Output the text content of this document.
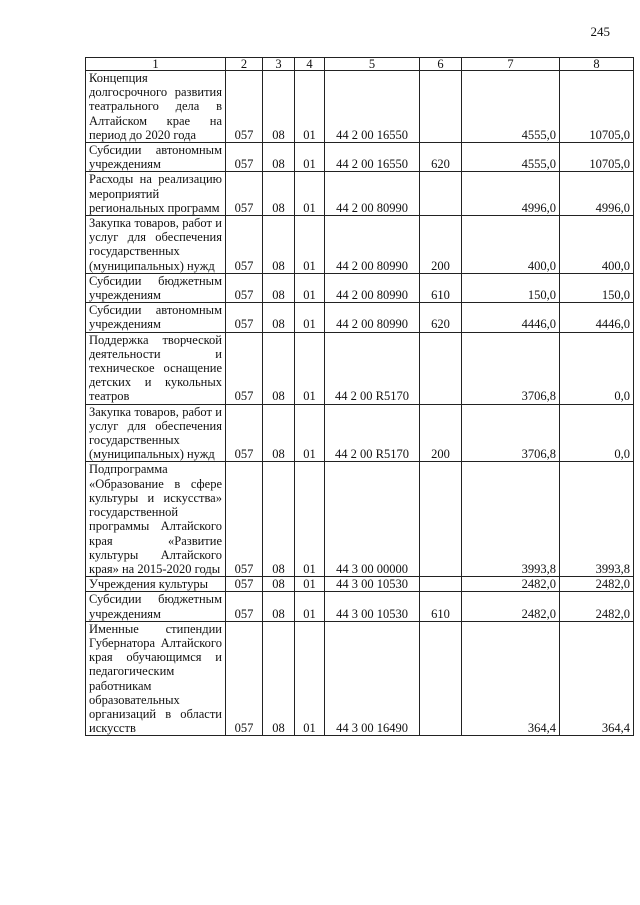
245
1	2	3	4	5	6	7	8
Концепция долгосрочного развития театрального дела в Алтайском крае на период до 2020 года	057	08	01	44 2 00 16550		4555,0	10705,0
Субсидии автономным учреждениям	057	08	01	44 2 00 16550	620	4555,0	10705,0
Расходы на реализацию мероприятий региональных программ	057	08	01	44 2 00 80990		4996,0	4996,0
Закупка товаров, работ и услуг для обеспечения государственных (муниципальных) нужд	057	08	01	44 2 00 80990	200	400,0	400,0
Субсидии бюджетным учреждениям	057	08	01	44 2 00 80990	610	150,0	150,0
Субсидии автономным учреждениям	057	08	01	44 2 00 80990	620	4446,0	4446,0
Поддержка творческой деятельности и техническое оснащение детских и кукольных театров	057	08	01	44 2 00 R5170		3706,8	0,0
Закупка товаров, работ и услуг для обеспечения государственных (муниципальных) нужд	057	08	01	44 2 00 R5170	200	3706,8	0,0
Подпрограмма «Образование в сфере культуры и искусства» государственной программы Алтайского края «Развитие культуры Алтайского края» на 2015-2020 годы	057	08	01	44 3 00 00000		3993,8	3993,8
Учреждения культуры	057	08	01	44 3 00 10530		2482,0	2482,0
Субсидии бюджетным учреждениям	057	08	01	44 3 00 10530	610	2482,0	2482,0
Именные стипендии Губернатора Алтайского края обучающимся и педагогическим работникам образовательных организаций в области искусств	057	08	01	44 3 00 16490		364,4	364,4
